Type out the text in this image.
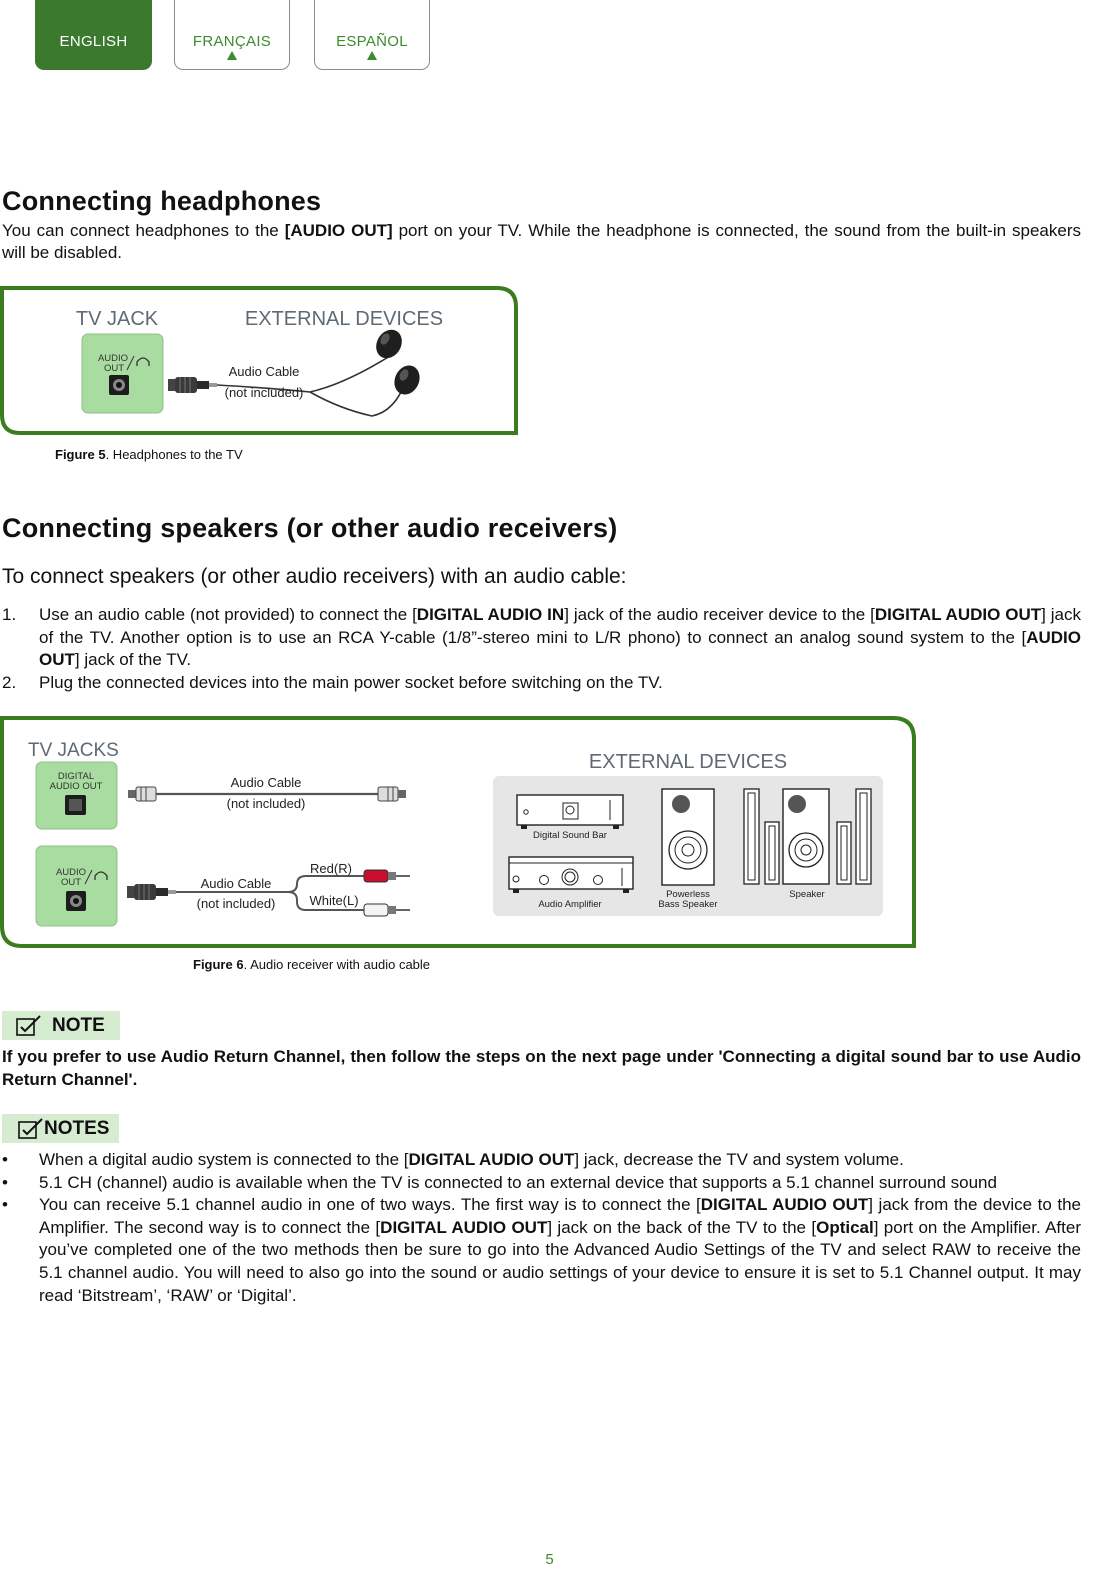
ENGLISH	FRANÇAIS	ESPAÑOL
Connecting headphones
You can connect headphones to the [AUDIO OUT] port on your TV. While the headphone is connected, the sound from the built-in speakers will be disabled.
TV JACK	EXTERNAL DEVICES
AUDIO
OUT	Audio Cable
(not included)
Figure 5. Headphones to the TV
Connecting speakers (or other audio receivers)
To connect speakers (or other audio receivers) with an audio cable:
1. Use an audio cable (not provided) to connect the [DIGITAL AUDIO IN] jack of the audio receiver device to the [DIGITAL AUDIO OUT] jack of the TV. Another option is to use an RCA Y-cable (1/8”-stereo mini to L/R phono) to connect an analog sound system to the [AUDIO OUT] jack of the TV.
2. Plug the connected devices into the main power socket before switching on the TV.
TV JACKS
EXTERNAL DEVICES
DIGITAL
AUDIO OUT	Audio Cable
(not included)
AUDIO
OUT
Red(R)
White(L)
Audio Cable
(not included)
Digital Sound Bar
Audio Amplifier
Powerless
Bass Speaker
Speaker
Figure 6. Audio receiver with audio cable
NOTE
If you prefer to use Audio Return Channel, then follow the steps on the next page under 'Connecting a digital sound bar to use Audio Return Channel'.
NOTES
• When a digital audio system is connected to the [DIGITAL AUDIO OUT] jack, decrease the TV and system volume.
• 5.1 CH (channel) audio is available when the TV is connected to an external device that supports a 5.1 channel surround sound
• You can receive 5.1 channel audio in one of two ways. The first way is to connect the [DIGITAL AUDIO OUT] jack from the device to the Amplifier. The second way is to connect the [DIGITAL AUDIO OUT] jack on the back of the TV to the [Optical] port on the Amplifier. After you’ve completed one of the two methods then be sure to go into the Advanced Audio Settings of the TV and select RAW to receive the 5.1 channel audio. You will need to also go into the sound or audio settings of your device to ensure it is set to 5.1 Channel output. It may read ‘Bitstream’, ‘RAW’ or ‘Digital’.
5
